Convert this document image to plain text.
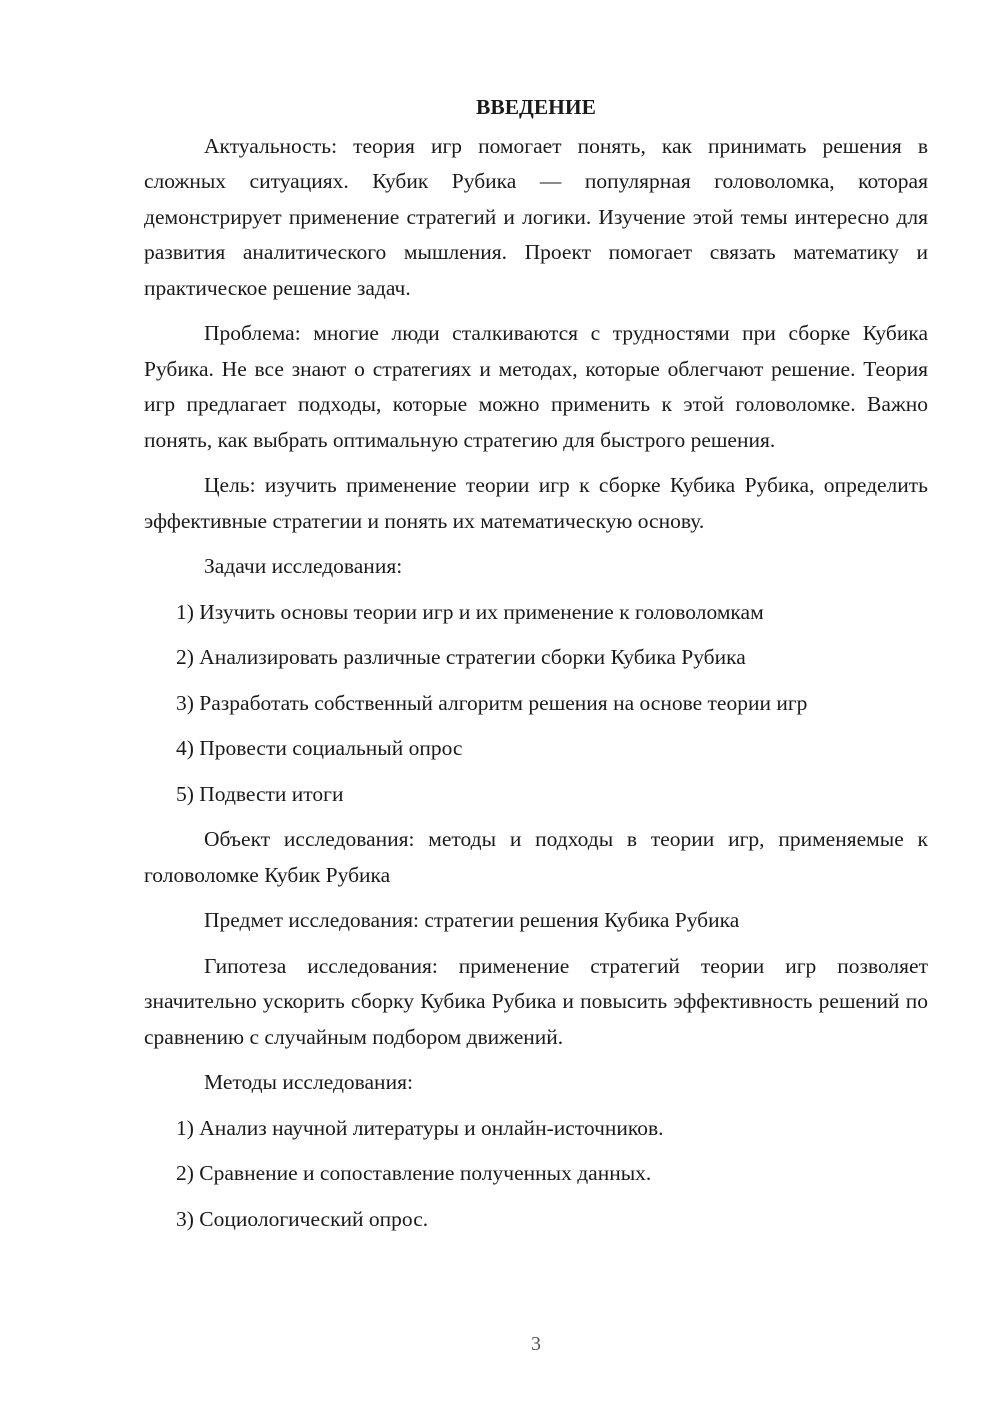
ВВЕДЕНИЕ

Актуальность: теория игр помогает понять, как принимать решения в сложных ситуациях. Кубик Рубика — популярная головоломка, которая демонстрирует применение стратегий и логики. Изучение этой темы интересно для развития аналитического мышления. Проект помогает связать математику и практическое решение задач.

Проблема: многие люди сталкиваются с трудностями при сборке Кубика Рубика. Не все знают о стратегиях и методах, которые облегчают решение. Теория игр предлагает подходы, которые можно применить к этой головоломке. Важно понять, как выбрать оптимальную стратегию для быстрого решения.

Цель: изучить применение теории игр к сборке Кубика Рубика, определить эффективные стратегии и понять их математическую основу.

Задачи исследования:

1) Изучить основы теории игр и их применение к головоломкам
2) Анализировать различные стратегии сборки Кубика Рубика
3) Разработать собственный алгоритм решения на основе теории игр
4) Провести социальный опрос
5) Подвести итоги

Объект исследования: методы и подходы в теории игр, применяемые к головоломке Кубик Рубика

Предмет исследования: стратегии решения Кубика Рубика

Гипотеза исследования: применение стратегий теории игр позволяет значительно ускорить сборку Кубика Рубика и повысить эффективность решений по сравнению с случайным подбором движений.

Методы исследования:

1) Анализ научной литературы и онлайн-источников.
2) Сравнение и сопоставление полученных данных.
3) Социологический опрос.
3
